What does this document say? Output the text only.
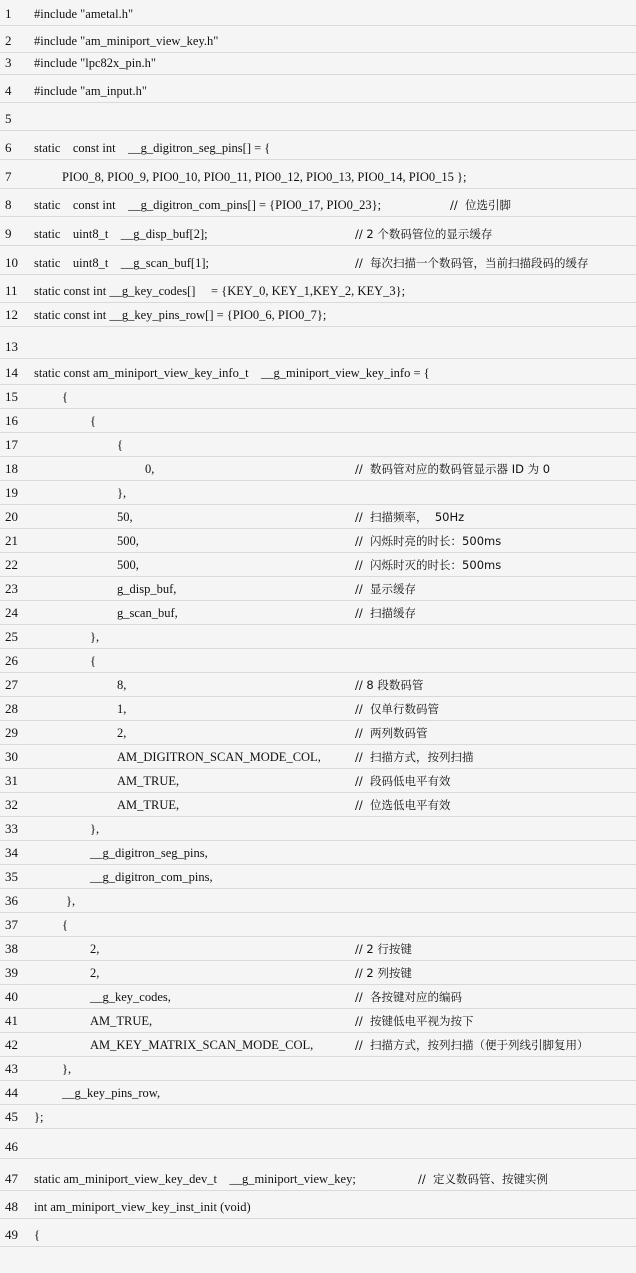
1	#include "ametal.h"
2	#include "am_miniport_view_key.h"
3	#include "lpc82x_pin.h"
4	#include "am_input.h"
5
6	static    const int    __g_digitron_seg_pins[] = {
7	PIO0_8, PIO0_9, PIO0_10, PIO0_11, PIO0_12, PIO0_13, PIO0_14, PIO0_15 };
8	static    const int    __g_digitron_com_pins[] = {PIO0_17, PIO0_23};	//  位选引脚
9	static    uint8_t    __g_disp_buf[2];	// 2 个数码管位的显示缓存
10	static    uint8_t    __g_scan_buf[1];	//  每次扫描一个数码管，当前扫描段码的缓存
11	static const int __g_key_codes[]     = {KEY_0, KEY_1,KEY_2, KEY_3};
12	static const int __g_key_pins_row[] = {PIO0_6, PIO0_7};
13
14	static const am_miniport_view_key_info_t    __g_miniport_view_key_info = {
15	{
16	{
17	{
18	0,	//  数码管对应的数码管显示器 ID 为 0
19	},
20	50,	//  扫描频率，  50Hz
21	500,	//  闪烁时亮的时长：500ms
22	500,	//  闪烁时灭的时长：500ms
23	g_disp_buf,	//  显示缓存
24	g_scan_buf,	//  扫描缓存
25	},
26	{
27	8,	// 8 段数码管
28	1,	//  仅单行数码管
29	2,	//  两列数码管
30	AM_DIGITRON_SCAN_MODE_COL,	//  扫描方式，按列扫描
31	AM_TRUE,	//  段码低电平有效
32	AM_TRUE,	//  位选低电平有效
33	},
34	__g_digitron_seg_pins,
35	__g_digitron_com_pins,
36	},
37	{
38	2,	// 2 行按键
39	2,	// 2 列按键
40	__g_key_codes,	//  各按键对应的编码
41	AM_TRUE,	//  按键低电平视为按下
42	AM_KEY_MATRIX_SCAN_MODE_COL,	//  扫描方式，按列扫描（便于列线引脚复用）
43	},
44	__g_key_pins_row,
45	};
46
47	static am_miniport_view_key_dev_t    __g_miniport_view_key;	//  定义数码管、按键实例
48	int am_miniport_view_key_inst_init (void)
49	{
